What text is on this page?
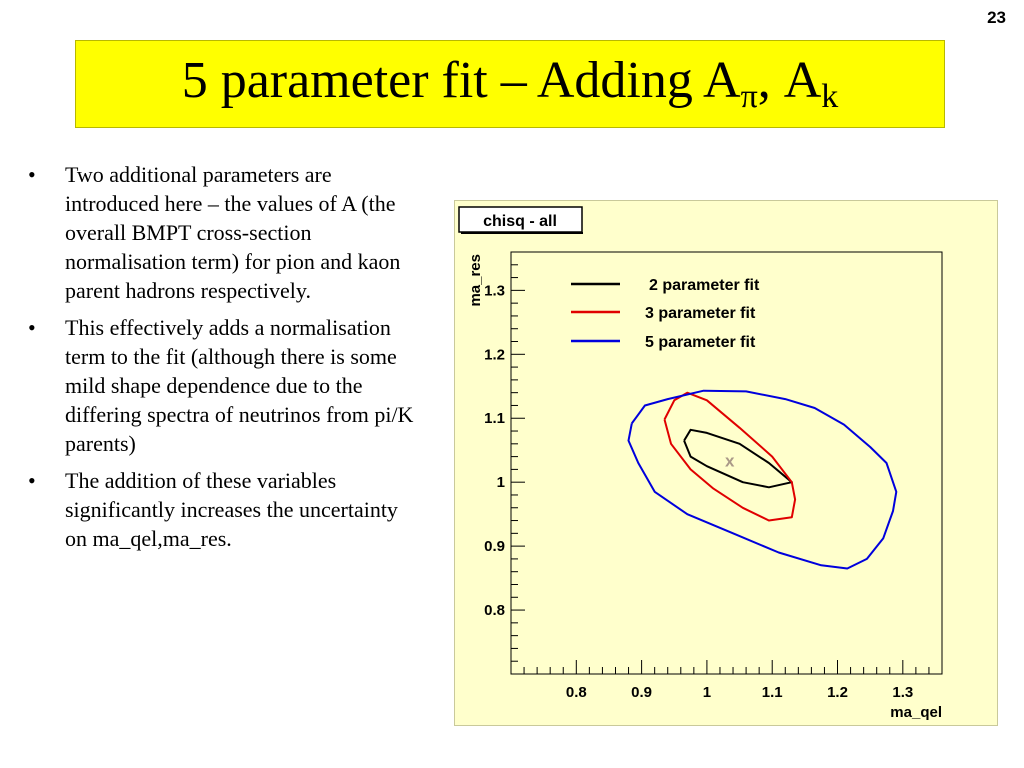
23
5 parameter fit – Adding $A_\pi$, $A_k$
• Two additional parameters are introduced here – the values of A (the overall BMPT cross-section normalisation term) for pion and kaon parent hadrons respectively.
• This effectively adds a normalisation term to the fit (although there is some mild shape dependence due to the differing spectra of neutrinos from pi/K parents)
• The addition of these variables significantly increases the uncertainty on ma_qel,ma_res.
chisq - all
0.8	0.9	1	1.1	1.2	1.3
0.8
0.9
1
1.1
1.2
1.3
x
2 parameter fit
3 parameter fit
5 parameter fit
ma_qel
ma_res
